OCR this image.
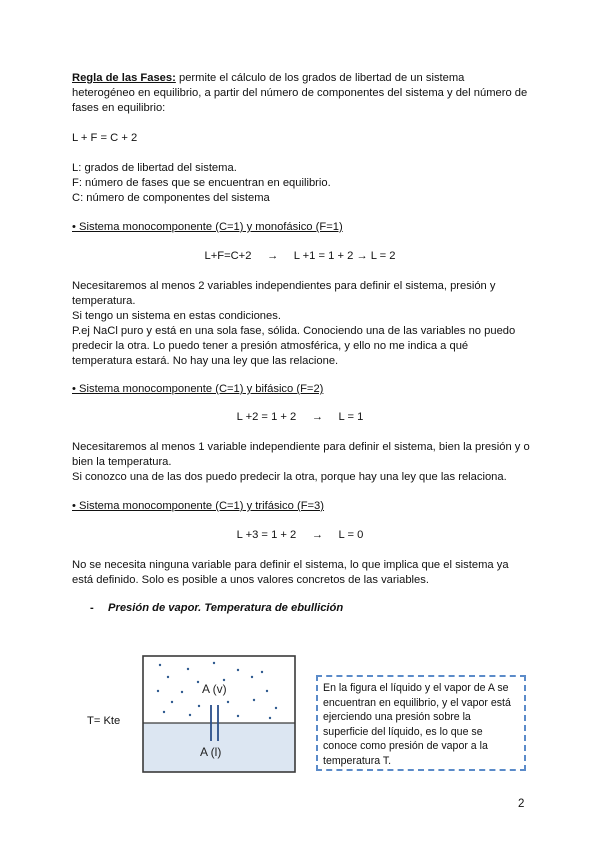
Regla de las Fases: permite el cálculo de los grados de libertad de un sistema heterogéneo en equilibrio, a partir del número de componentes del sistema y del número de fases en equilibrio:

L + F = C + 2

L: grados de libertad del sistema.

F: número de fases que se encuentran en equilibrio.

C: número de componentes del sistema

• Sistema monocomponente (C=1) y monofásico (F=1)

L+F=C+2     →     L +1 = 1 + 2 → L = 2

Necesitaremos al menos 2 variables independientes para definir el sistema, presión y

temperatura.

Si tengo un sistema en estas condiciones.

P.ej NaCl puro y está en una sola fase, sólida. Conociendo una de las variables no puedo

predecir la otra. Lo puedo tener a presión atmosférica, y ello no me indica a qué

temperatura estará. No hay una ley que las relacione.

• Sistema monocomponente (C=1) y bifásico (F=2)

L +2 = 1 + 2     →     L = 1

Necesitaremos al menos 1 variable independiente para definir el sistema, bien la presión y o

bien la temperatura.

Si conozco una de las dos puedo predecir la otra, porque hay una ley que las relaciona.

• Sistema monocomponente (C=1) y trifásico (F=3)

L +3 = 1 + 2     →     L = 0

No se necesita ninguna variable para definir el sistema, lo que implica que el sistema ya

está definido. Solo es posible a unos valores concretos de las variables.

- Presión de vapor. Temperatura de ebullición

T= Kte

A (v)
A (l)
En la figura el líquido y el vapor de A se encuentran en equilibrio, y el vapor está ejerciendo una presión sobre la superficie del líquido, es lo que se conoce como presión de vapor a la temperatura T.
2
